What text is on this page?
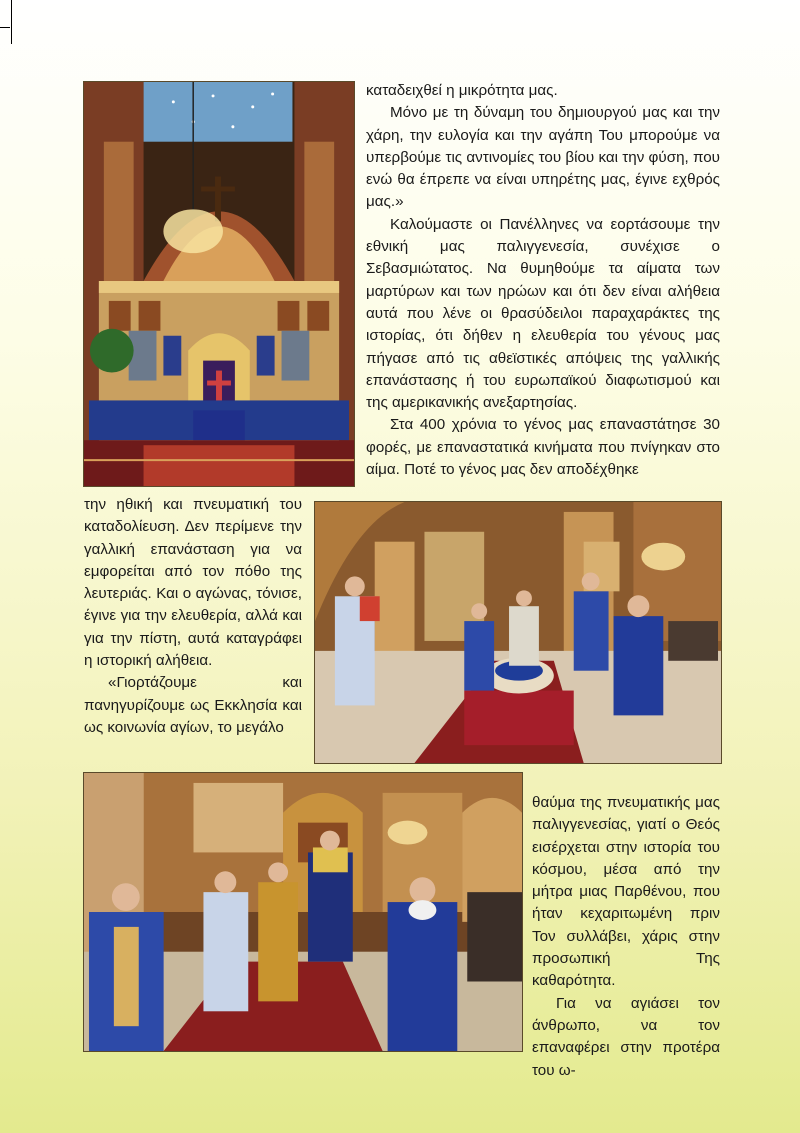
καταδειχθεί η μικρότητα μας.

Μόνο με τη δύναμη του δημιουργού μας και την χάρη, την ευλογία και την αγάπη Του μπορούμε να υπερβούμε τις αντινομίες του βίου και την φύση, που ενώ θα έπρεπε να είναι υπηρέτης μας, έγινε εχθρός μας.»

Καλούμαστε οι Πανέλληνες να εορτάσουμε την εθνική μας παλιγγενεσία, συνέχισε ο Σεβασμιώτατος. Να θυμηθούμε τα αίματα των μαρτύρων και των ηρώων και ότι δεν είναι αλήθεια αυτά που λένε οι θρασύδειλοι παραχαράκτες της ιστορίας, ότι δήθεν η ελευθερία του γένους μας πήγασε από τις αθεϊστικές απόψεις της γαλλικής επανάστασης ή του ευρωπαϊκού διαφωτισμού και της αμερικανικής ανεξαρτησίας.

Στα 400 χρόνια το γένος μας επαναστάτησε 30 φορές, με επαναστατικά κινήματα που πνίγηκαν στο αίμα. Ποτέ το γένος μας δεν αποδέχθηκε

την ηθική και πνευματική του καταδολίευση. Δεν περίμενε την γαλλική επανάσταση για να εμφορείται από τον πόθο της λευτεριάς. Και ο αγώνας, τόνισε, έγινε για την ελευθερία, αλλά και για την πίστη, αυτά καταγράφει η ιστορική αλήθεια.

«Γιορτάζουμε και πανηγυρίζουμε ως Εκκλησία και ως κοινωνία αγίων, το μεγάλο

θαύμα της πνευματικής μας παλιγγενεσίας, γιατί ο Θεός εισέρχεται στην ιστορία του κόσμου, μέσα από την μήτρα μιας Παρθένου, που ήταν κεχαριτωμένη πριν Τον συλλάβει, χάρις στην προσωπική Της καθαρότητα.

Για να αγιάσει τον άνθρωπο, να τον επαναφέρει στην προτέρα του ω-
